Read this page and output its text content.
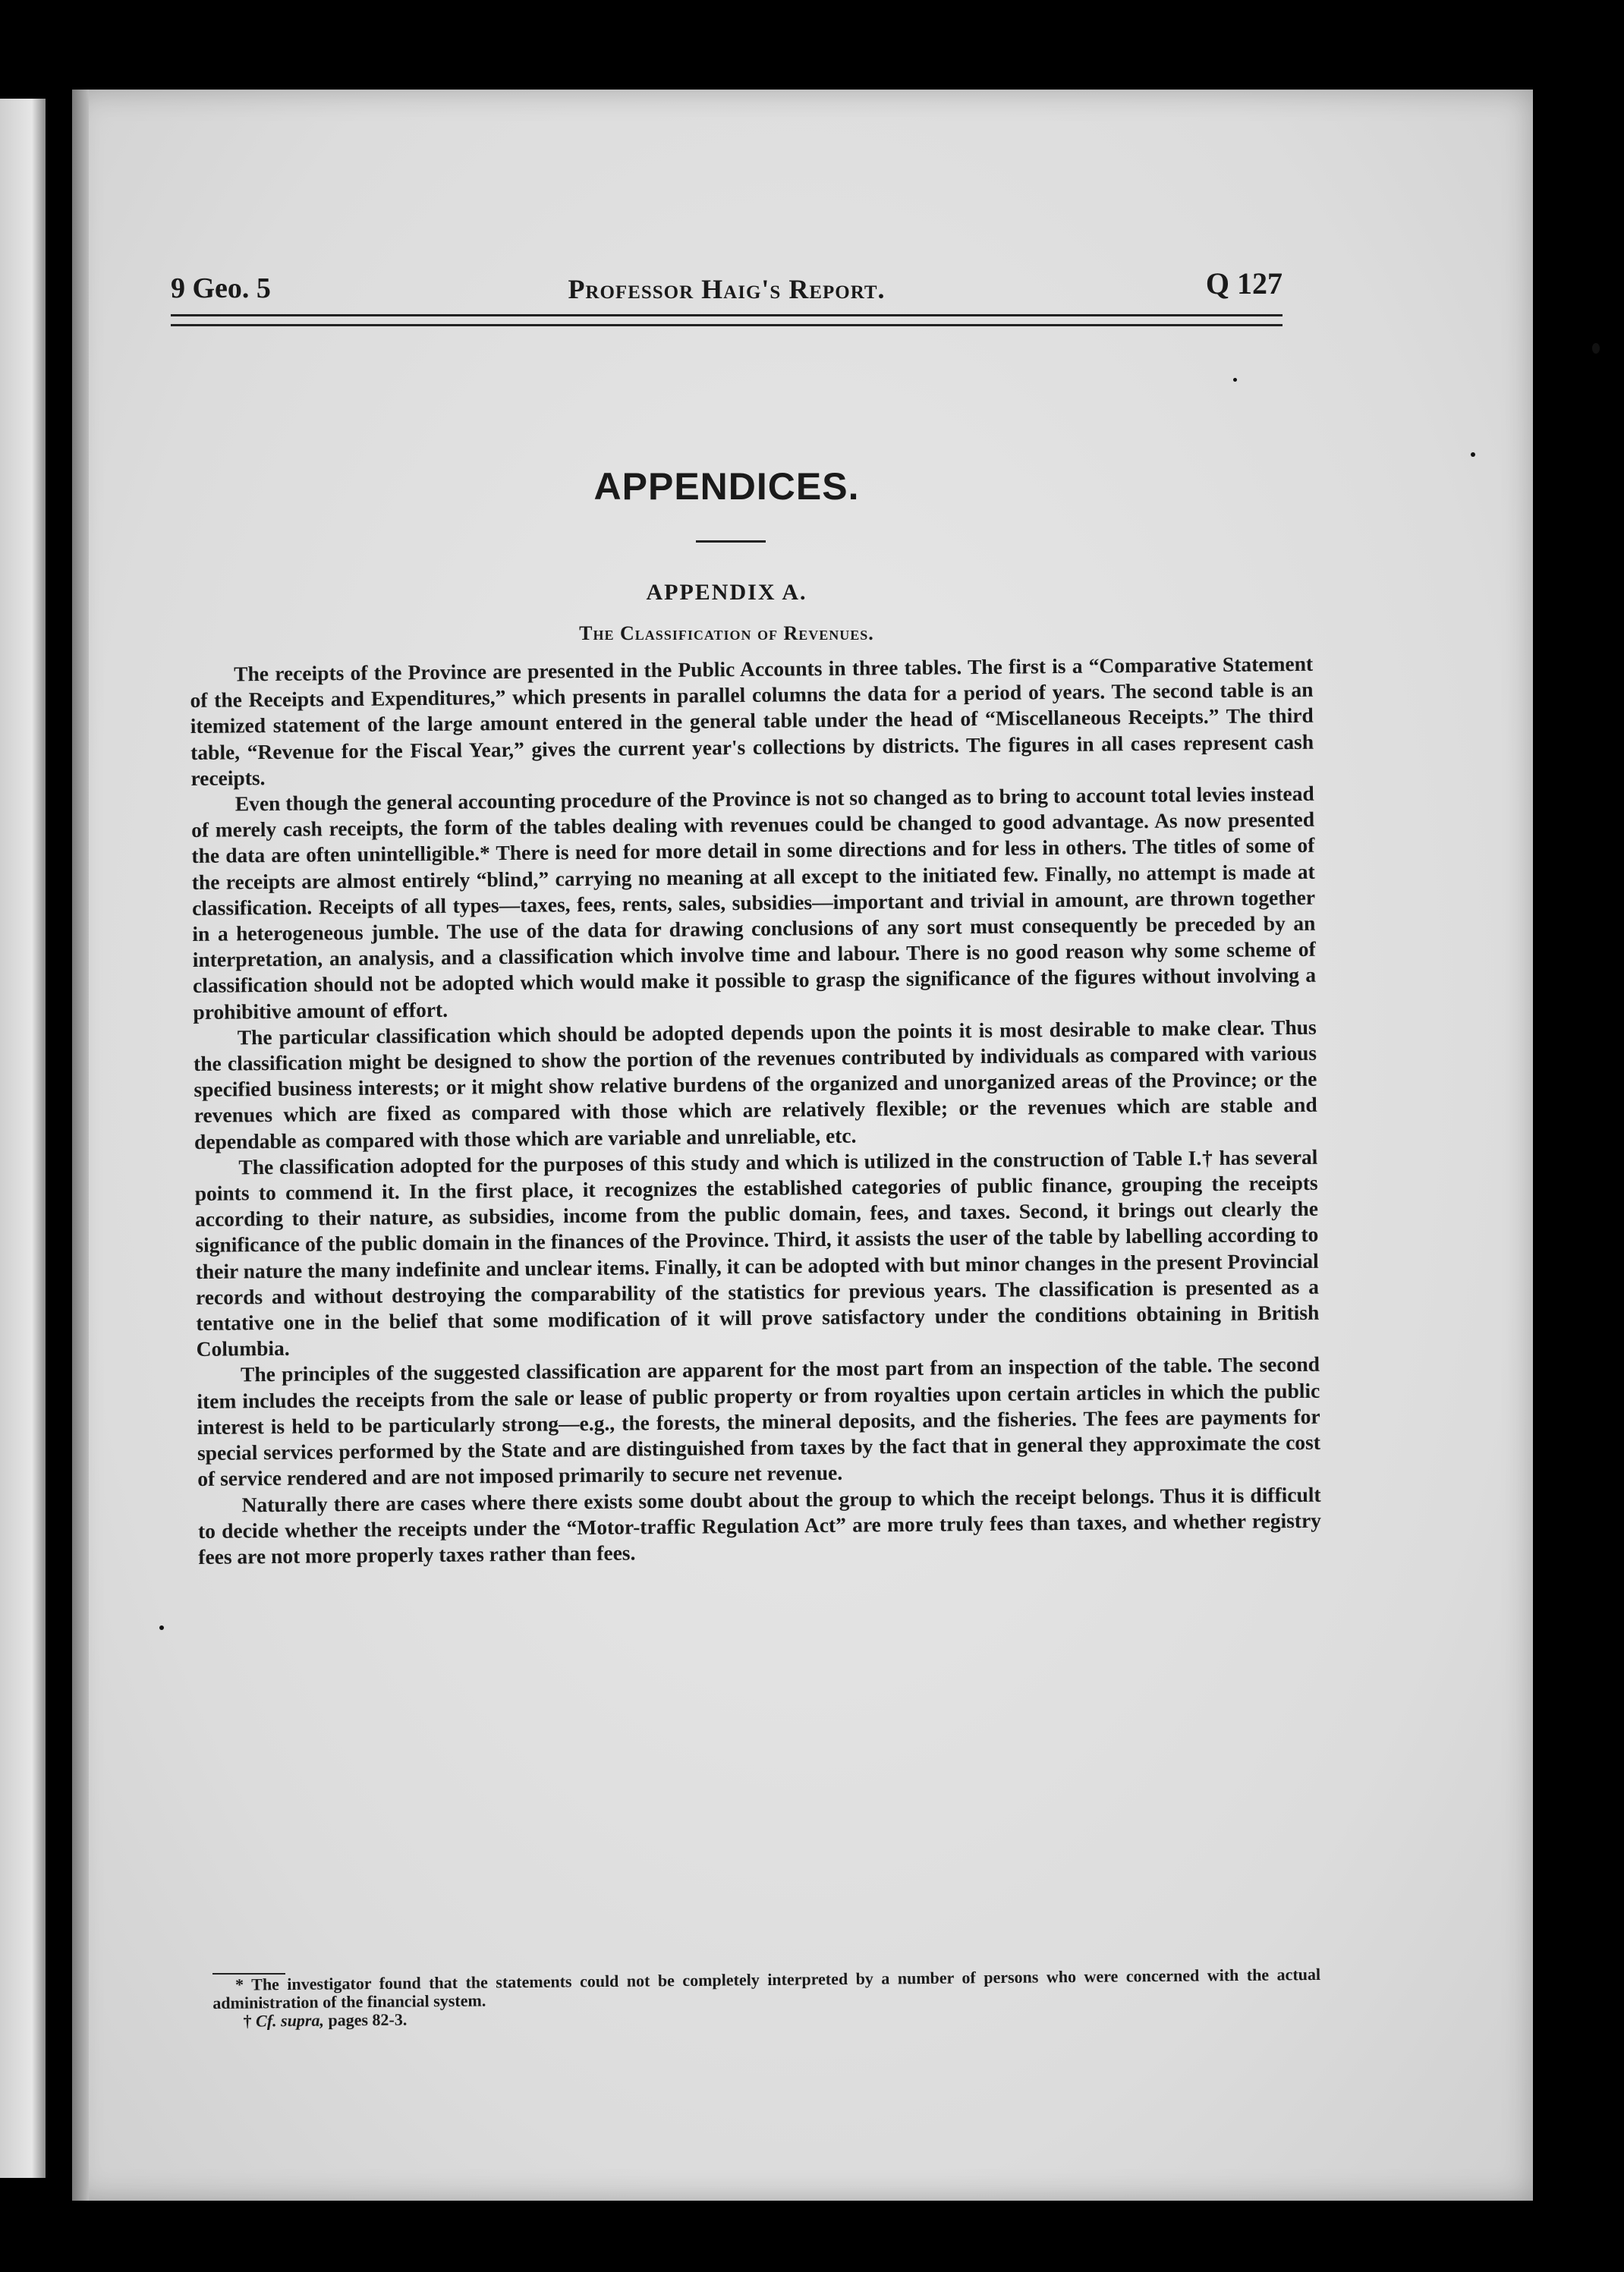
9 Geo. 5	Professor Haig's Report.	Q 127
APPENDICES.
APPENDIX A.
The Classification of Revenues.

The receipts of the Province are presented in the Public Accounts in three tables. The first is a “Comparative Statement of the Receipts and Expenditures,” which presents in parallel columns the data for a period of years. The second table is an itemized statement of the large amount entered in the general table under the head of “Miscellaneous Receipts.” The third table, “Revenue for the Fiscal Year,” gives the current year's collections by districts. The figures in all cases represent cash receipts.

Even though the general accounting procedure of the Province is not so changed as to bring to account total levies instead of merely cash receipts, the form of the tables dealing with revenues could be changed to good advantage. As now presented the data are often unintelligible.* There is need for more detail in some directions and for less in others. The titles of some of the receipts are almost entirely “blind,” carrying no meaning at all except to the initiated few. Finally, no attempt is made at classification. Receipts of all types—taxes, fees, rents, sales, subsidies—important and trivial in amount, are thrown together in a heterogeneous jumble. The use of the data for drawing conclusions of any sort must consequently be preceded by an interpretation, an analysis, and a classification which involve time and labour. There is no good reason why some scheme of classification should not be adopted which would make it possible to grasp the significance of the figures without involving a prohibitive amount of effort.

The particular classification which should be adopted depends upon the points it is most desirable to make clear. Thus the classification might be designed to show the portion of the revenues contributed by individuals as compared with various specified business interests; or it might show relative burdens of the organized and unorganized areas of the Province; or the revenues which are fixed as compared with those which are relatively flexible; or the revenues which are stable and dependable as compared with those which are variable and unreliable, etc.

The classification adopted for the purposes of this study and which is utilized in the construction of Table I.† has several points to commend it. In the first place, it recognizes the established categories of public finance, grouping the receipts according to their nature, as subsidies, income from the public domain, fees, and taxes. Second, it brings out clearly the significance of the public domain in the finances of the Province. Third, it assists the user of the table by labelling according to their nature the many indefinite and unclear items. Finally, it can be adopted with but minor changes in the present Provincial records and without destroying the comparability of the statistics for previous years. The classification is presented as a tentative one in the belief that some modification of it will prove satisfactory under the conditions obtaining in British Columbia.

The principles of the suggested classification are apparent for the most part from an inspection of the table. The second item includes the receipts from the sale or lease of public property or from royalties upon certain articles in which the public interest is held to be particularly strong—e.g., the forests, the mineral deposits, and the fisheries. The fees are payments for special services performed by the State and are distinguished from taxes by the fact that in general they approximate the cost of service rendered and are not imposed primarily to secure net revenue.

Naturally there are cases where there exists some doubt about the group to which the receipt belongs. Thus it is difficult to decide whether the receipts under the “Motor-traffic Regulation Act” are more truly fees than taxes, and whether registry fees are not more properly taxes rather than fees.

* The investigator found that the statements could not be completely interpreted by a number of persons who were concerned with the actual administration of the financial system.

† Cf. supra, pages 82-3.
